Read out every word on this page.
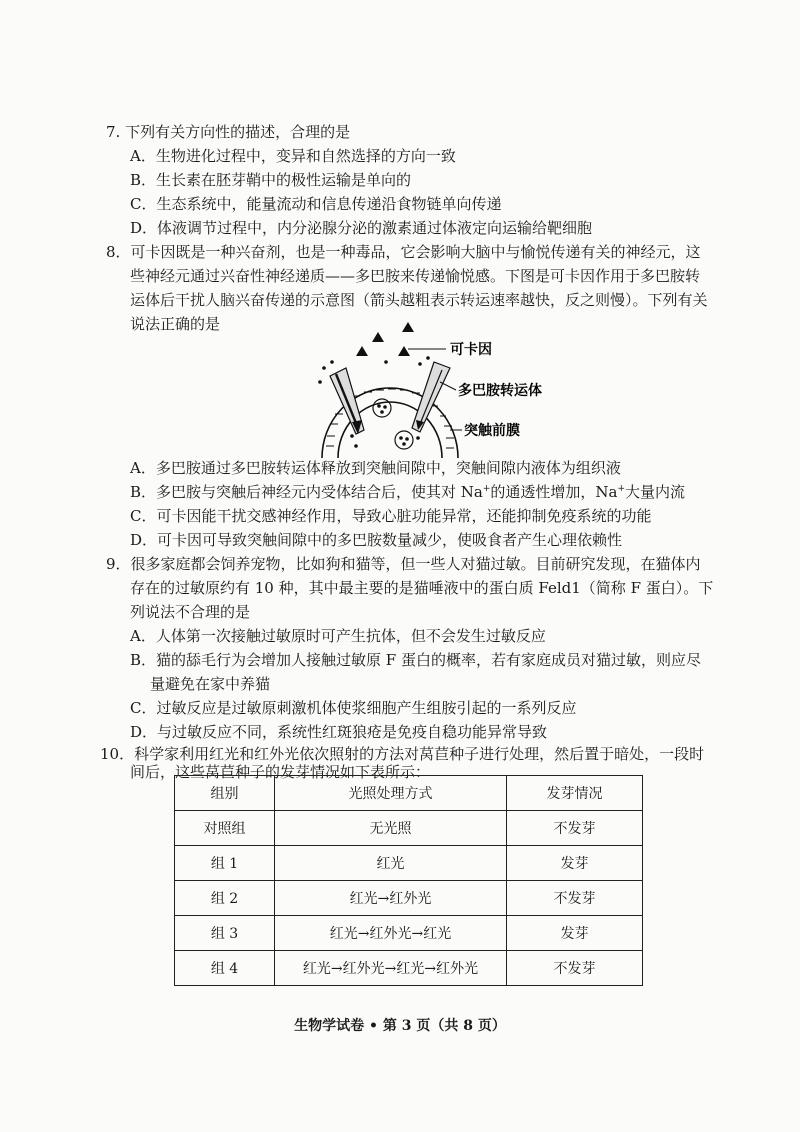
7. 下列有关方向性的描述，合理的是
A．生物进化过程中，变异和自然选择的方向一致
B．生长素在胚芽鞘中的极性运输是单向的
C．生态系统中，能量流动和信息传递沿食物链单向传递
D．体液调节过程中，内分泌腺分泌的激素通过体液定向运输给靶细胞
8．可卡因既是一种兴奋剂，也是一种毒品，它会影响大脑中与愉悦传递有关的神经元，这
些神经元通过兴奋性神经递质——多巴胺来传递愉悦感。下图是可卡因作用于多巴胺转
运体后干扰人脑兴奋传递的示意图（箭头越粗表示转运速率越快，反之则慢）。下列有关
说法正确的是
可卡因
多巴胺转运体
突触前膜
A．多巴胺通过多巴胺转运体释放到突触间隙中，突触间隙内液体为组织液
B．多巴胺与突触后神经元内受体结合后，使其对 Na+的通透性增加，Na+大量内流
C．可卡因能干扰交感神经作用，导致心脏功能异常，还能抑制免疫系统的功能
D．可卡因可导致突触间隙中的多巴胺数量减少，使吸食者产生心理依赖性
9．很多家庭都会饲养宠物，比如狗和猫等，但一些人对猫过敏。目前研究发现，在猫体内
存在的过敏原约有 10 种，其中最主要的是猫唾液中的蛋白质 Feld1（简称 F 蛋白）。下
列说法不合理的是
A．人体第一次接触过敏原时可产生抗体，但不会发生过敏反应
B．猫的舔毛行为会增加人接触过敏原 F 蛋白的概率，若有家庭成员对猫过敏，则应尽
量避免在家中养猫
C．过敏反应是过敏原刺激机体使浆细胞产生组胺引起的一系列反应
D．与过敏反应不同，系统性红斑狼疮是免疫自稳功能异常导致
10．科学家利用红光和红外光依次照射的方法对莴苣种子进行处理，然后置于暗处，一段时
间后，这些莴苣种子的发芽情况如下表所示：
组别	光照处理方式	发芽情况
对照组	无光照	不发芽
组 1	红光	发芽
组 2	红光→红外光	不发芽
组 3	红光→红外光→红光	发芽
组 4	红光→红外光→红光→红外光	不发芽
生物学试卷 • 第 3 页（共 8 页）
